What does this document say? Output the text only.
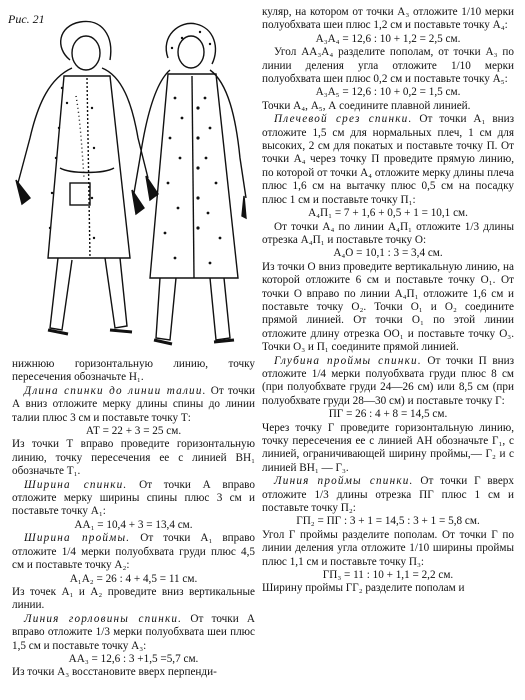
Рис. 21

нижнюю горизонтальную линию, точку пересечения обозначьте Н₁.

Длина спинки до линии талии. От точки А вниз отложите мерку длины спины до линии талии плюс 3 см и поставьте точку Т:

АТ = 22 + 3 = 25 см.

Из точки Т вправо проведите горизонтальную линию, точку пересечения ее с линией ВН₁ обозначьте Т₁.

Ширина спинки. От точки А вправо отложите мерку ширины спины плюс 3 см и поставьте точку А₁:

АА₁ = 10,4 + 3 = 13,4 см.

Ширина проймы. От точки А₁ вправо отложите 1/4 мерки полуобхвата груди плюс 4,5 см и поставьте точку А₂:

А₁А₂ = 26 : 4 + 4,5 = 11 см.

Из точек А₁ и А₂ проведите вниз вертикальные линии.

Линия горловины спинки. От точки А вправо отложите 1/3 мерки полуобхвата шеи плюс 1,5 см и поставьте точку А₃:

АА₃ = 12,6 : 3 +1,5 =5,7 см.

Из точки А₃ восстановите вверх перпенди-

куляр, на котором от точки А₃ отложите 1/10 мерки полуобхвата шеи плюс 1,2 см и поставьте точку А₄:

А₃А₄ = 12,6 : 10 + 1,2 = 2,5 см.

Угол АА₃А₄ разделите пополам, от точки А₃ по линии деления угла отложите 1/10 мерки полуобхвата шеи плюс 0,2 см и поставьте точку А₅:

А₃А₅ = 12,6 : 10 + 0,2 = 1,5 см.

Точки А₄, А₅, А соедините плавной линией.

Плечевой срез спинки. От точки А₁ вниз отложите 1,5 см для нормальных плеч, 1 см для высоких, 2 см для покатых и поставьте точку П. От точки А₄ через точку П проведите прямую линию, по которой от точки А₄ отложите мерку длины плеча плюс 1,6 см на вытачку плюс 0,5 см на посадку плюс 1 см и поставьте точку П₁:

А₄П₁ = 7 + 1,6 + 0,5 + 1 = 10,1 см.

От точки А₄ по линии А₄П₁ отложите 1/3 длины отрезка А₄П₁ и поставьте точку О:

А₄О = 10,1 : 3 = 3,4 см.

Из точки О вниз проведите вертикальную линию, на которой отложите 6 см и поставьте точку О₁. От точки О вправо по линии А₄П₁ отложите 1,6 см и поставьте точку О₂. Точки О₁ и О₂ соедините прямой линией. От точки О₁ по этой линии отложите длину отрезка ОО₁ и поставьте точку О₃. Точки О₃ и П₁ соедините прямой линией.

Глубина проймы спинки. От точки П вниз отложите 1/4 мерки полуобхвата груди плюс 8 см (при полуобхвате груди 24—26 см) или 8,5 см (при полуобхвате груди 28—30 см) и поставьте точку Г:

ПГ = 26 : 4 + 8 = 14,5 см.

Через точку Г проведите горизонтальную линию, точку пересечения ее с линией АН обозначьте Г₁, с линией, ограничивающей ширину проймы,— Г₂ и с линией ВН₁ — Г₃.

Линия проймы спинки. От точки Г вверх отложите 1/3 длины отрезка ПГ плюс 1 см и поставьте точку П₂:

ГП₂ = ПГ : 3 + 1 = 14,5 : 3 + 1 = 5,8 см.

Угол Г проймы разделите пополам. От точки Г по линии деления угла отложите 1/10 ширины проймы плюс 1,1 см и поставьте точку П₃:

ГП₃ = 11 : 10 + 1,1 = 2,2 см.

Ширину проймы ГГ₂ разделите пополам и
